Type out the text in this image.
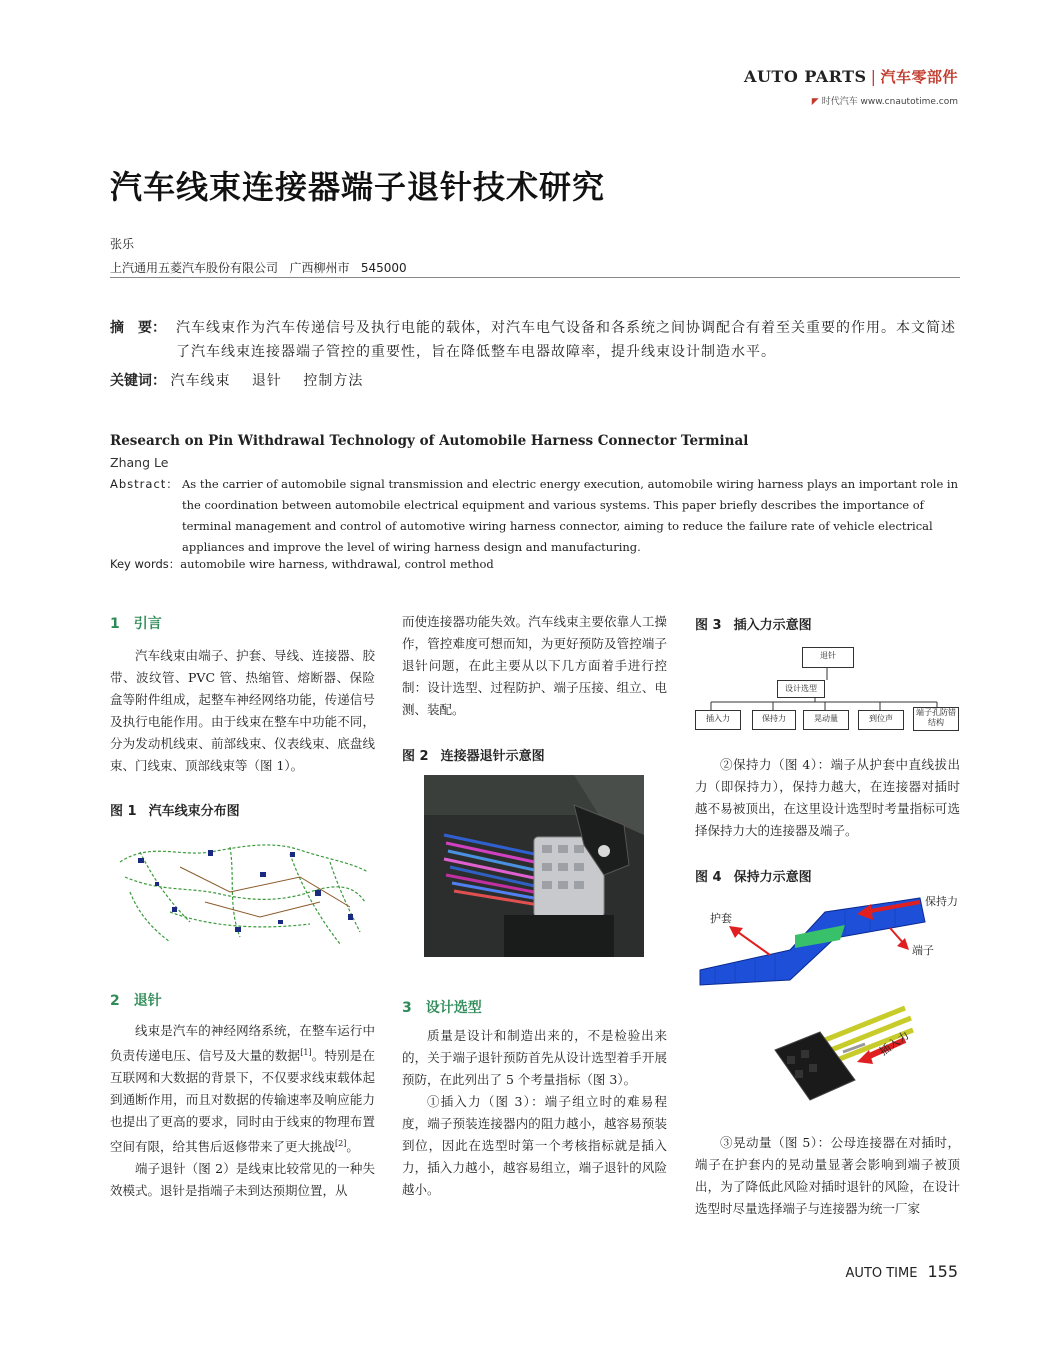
AUTO PARTS | 汽车零部件
◤ 时代汽车 www.cnautotime.com
汽车线束连接器端子退针技术研究
张乐
上汽通用五菱汽车股份有限公司   广西柳州市   545000
摘　要： 汽车线束作为汽车传递信号及执行电能的载体，对汽车电气设备和各系统之间协调配合有着至关重要的作用。本文简述了汽车线束连接器端子管控的重要性，旨在降低整车电器故障率，提升线束设计制造水平。
关键词： 汽车线束 退针 控制方法
Research on Pin Withdrawal Technology of Automobile Harness Connector Terminal
Zhang Le
Abstract： As the carrier of automobile signal transmission and electric energy execution, automobile wiring harness plays an important role in the coordination between automobile electrical equipment and various systems. This paper briefly describes the importance of terminal management and control of automotive wiring harness connector, aiming to reduce the failure rate of vehicle electrical appliances and improve the level of wiring harness design and manufacturing.
Key words：automobile wire harness, withdrawal, control method
1　引言

汽车线束由端子、护套、导线、连接器、胶带、波纹管、PVC 管、热缩管、熔断器、保险盒等附件组成，起整车神经网络功能，传递信号及执行电能作用。由于线束在整车中功能不同，分为发动机线束、前部线束、仪表线束、底盘线束、门线束、顶部线束等（图 1）。

图 1 汽车线束分布图
2　退针

线束是汽车的神经网络系统，在整车运行中负责传递电压、信号及大量的数据[1]。特别是在互联网和大数据的背景下，不仅要求线束载体起到通断作用，而且对数据的传输速率及响应能力也提出了更高的要求，同时由于线束的物理布置空间有限，给其售后返修带来了更大挑战[2]。

端子退针（图 2）是线束比较常见的一种失效模式。退针是指端子未到达预期位置，从

而使连接器功能失效。汽车线束主要依靠人工操作，管控难度可想而知，为更好预防及管控端子退针问题，在此主要从以下几方面着手进行控制：设计选型、过程防护、端子压接、组立、电测、装配。

图 2 连接器退针示意图
3　设计选型

质量是设计和制造出来的，不是检验出来的，关于端子退针预防首先从设计选型着手开展预防，在此列出了 5 个考量指标（图 3）。

①插入力（图 3）：端子组立时的难易程度，端子预装连接器内的阻力越小，越容易预装到位，因此在选型时第一个考核指标就是插入力，插入力越小，越容易组立，端子退针的风险越小。

图 3 插入力示意图
退针
设计选型
插入力	保持力	晃动量	到位声
端子孔防错结构

②保持力（图 4）：端子从护套中直线拔出力（即保持力），保持力越大，在连接器对插时越不易被顶出，在这里设计选型时考量指标可选择保持力大的连接器及端子。

图 4 保持力示意图
保持力
护套
端子
插入力

③晃动量（图 5）：公母连接器在对插时，端子在护套内的晃动量显著会影响到端子被顶出，为了降低此风险对插时退针的风险，在设计选型时尽量选择端子与连接器为统一厂家

AUTO TIME 155
